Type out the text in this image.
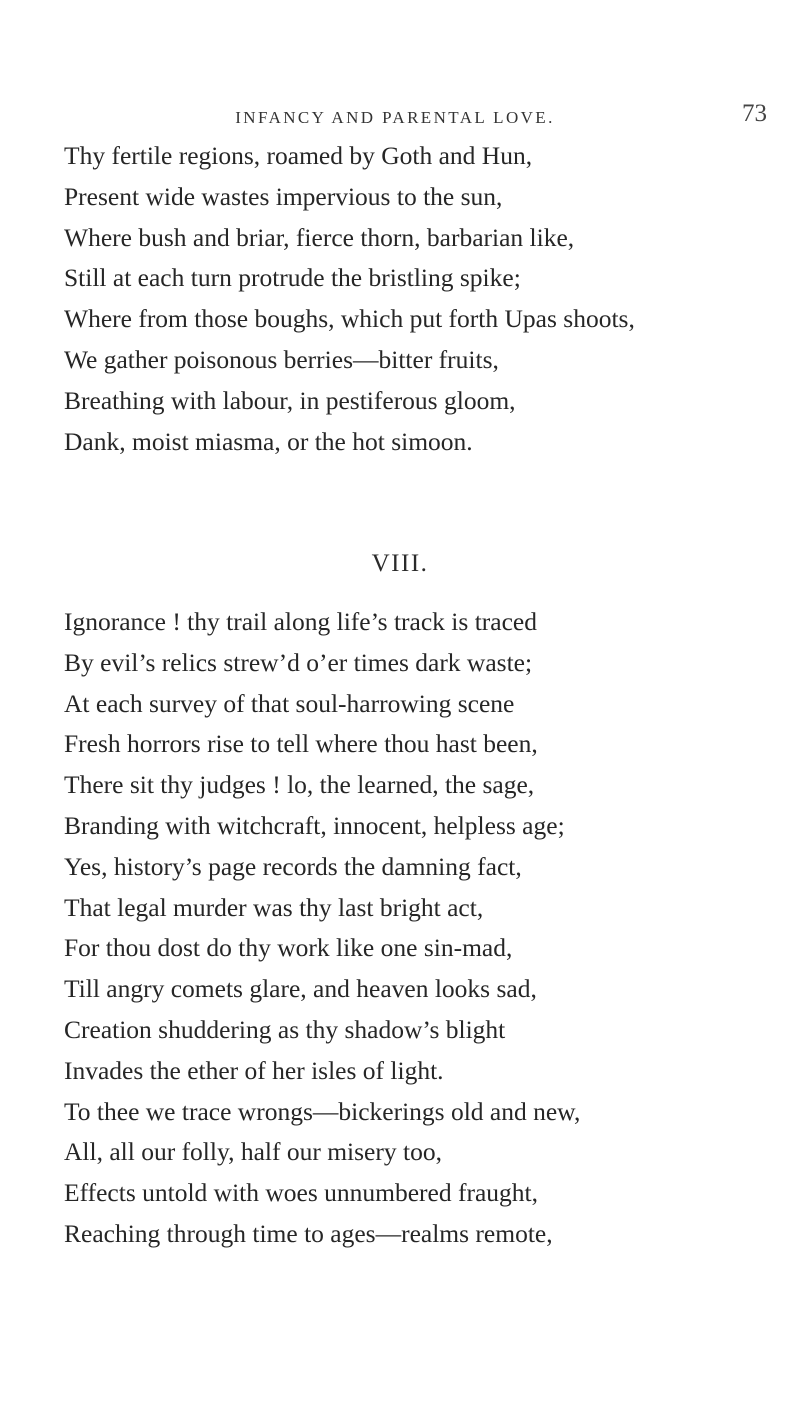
INFANCY AND PARENTAL LOVE.	73
Thy fertile regions, roamed by Goth and Hun,
Present wide wastes impervious to the sun,
Where bush and briar, fierce thorn, barbarian like,
Still at each turn protrude the bristling spike;
Where from those boughs, which put forth Upas shoots,
We gather poisonous berries—bitter fruits,
Breathing with labour, in pestiferous gloom,
Dank, moist miasma, or the hot simoon.
VIII.
Ignorance ! thy trail along life’s track is traced
By evil’s relics strew’d o’er times dark waste;
At each survey of that soul-harrowing scene
Fresh horrors rise to tell where thou hast been,
There sit thy judges ! lo, the learned, the sage,
Branding with witchcraft, innocent, helpless age;
Yes, history’s page records the damning fact,
That legal murder was thy last bright act,
For thou dost do thy work like one sin-mad,
Till angry comets glare, and heaven looks sad,
Creation shuddering as thy shadow’s blight
Invades the ether of her isles of light.
To thee we trace wrongs—bickerings old and new,
All, all our folly, half our misery too,
Effects untold with woes unnumbered fraught,
Reaching through time to ages—realms remote,
